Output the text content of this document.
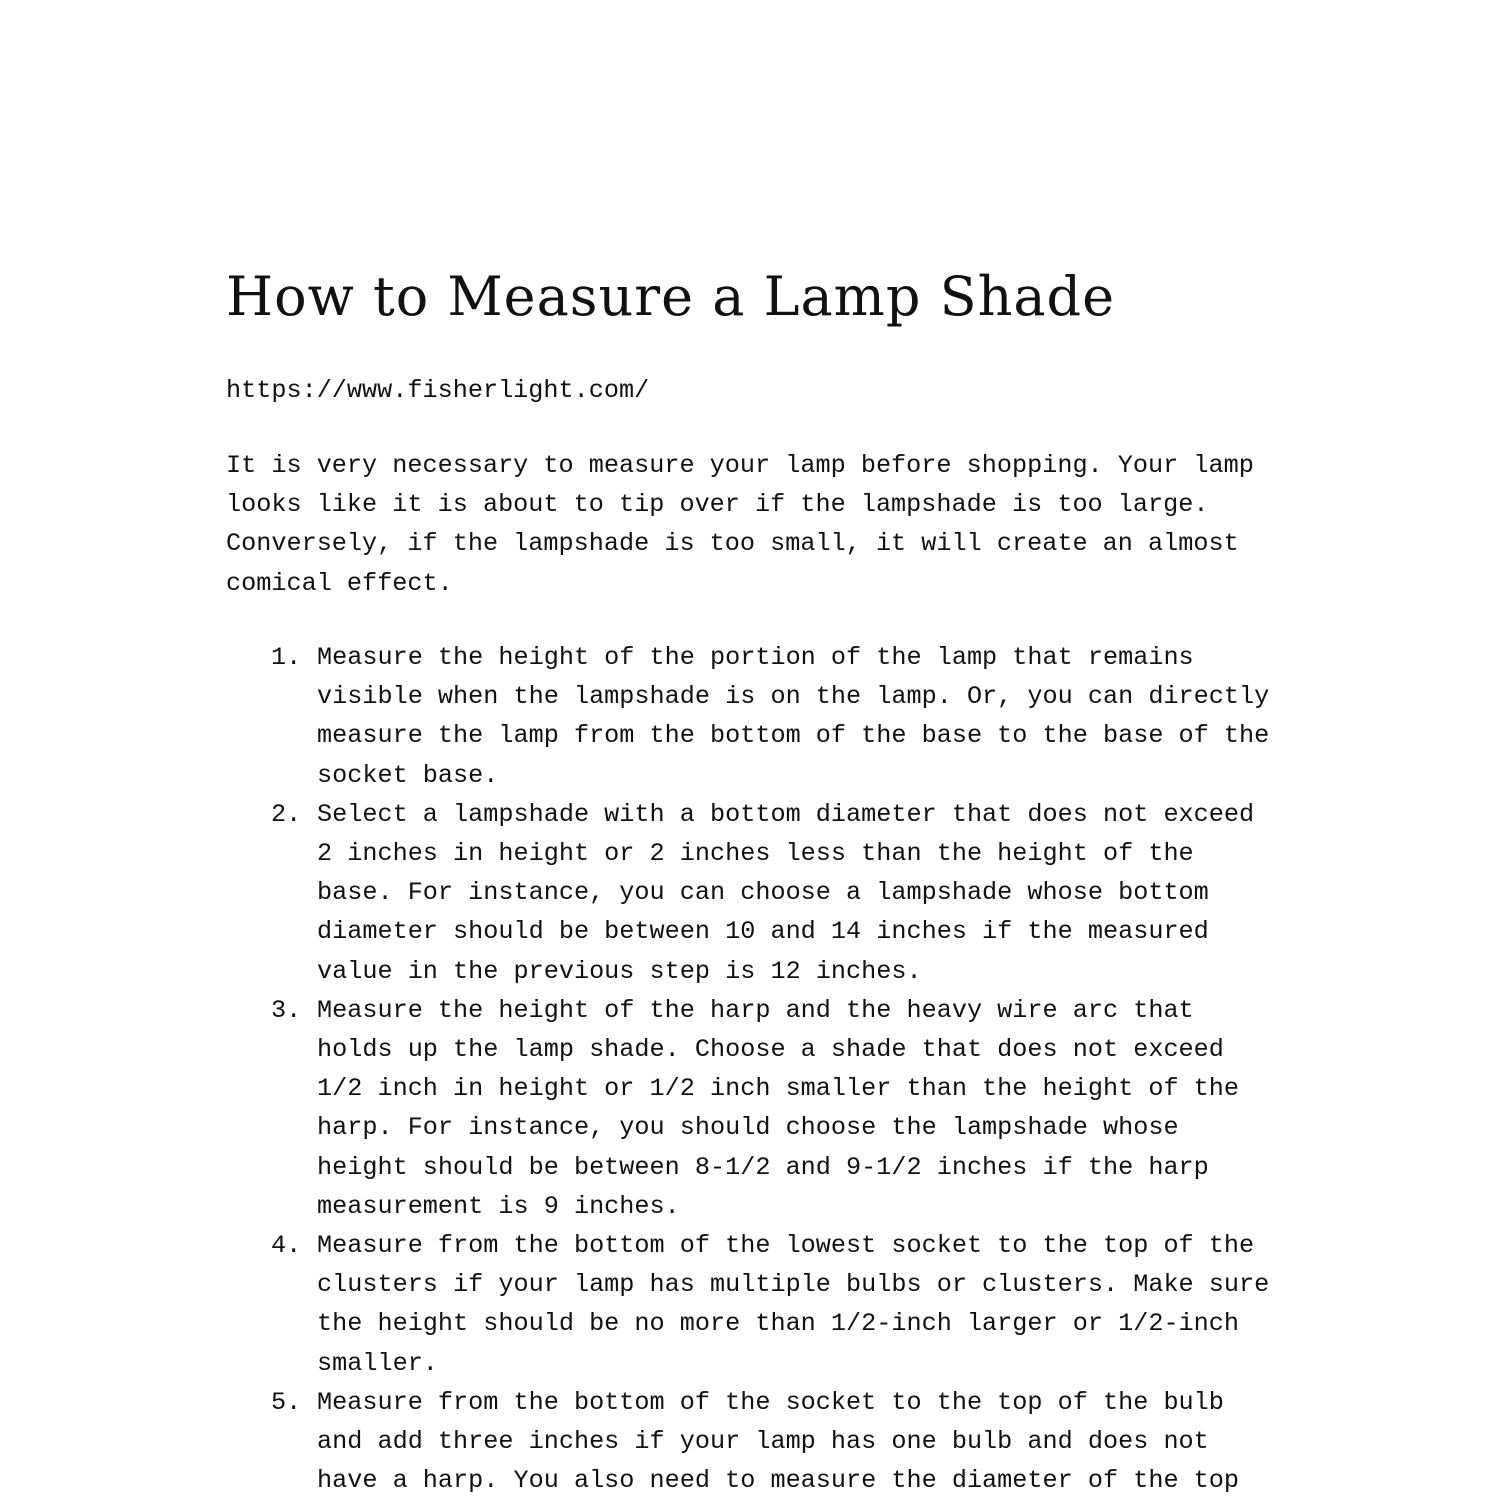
How to Measure a Lamp Shade

https://www.fisherlight.com/

It is very necessary to measure your lamp before shopping. Your lamp
looks like it is about to tip over if the lampshade is too large.
Conversely, if the lampshade is too small, it will create an almost
comical effect.

1. Measure the height of the portion of the lamp that remains
visible when the lampshade is on the lamp. Or, you can directly
measure the lamp from the bottom of the base to the base of the
socket base.
2. Select a lampshade with a bottom diameter that does not exceed
2 inches in height or 2 inches less than the height of the
base. For instance, you can choose a lampshade whose bottom
diameter should be between 10 and 14 inches if the measured
value in the previous step is 12 inches.
3. Measure the height of the harp and the heavy wire arc that
holds up the lamp shade. Choose a shade that does not exceed
1/2 inch in height or 1/2 inch smaller than the height of the
harp. For instance, you should choose the lampshade whose
height should be between 8-1/2 and 9-1/2 inches if the harp
measurement is 9 inches.
4. Measure from the bottom of the lowest socket to the top of the
clusters if your lamp has multiple bulbs or clusters. Make sure
the height should be no more than 1/2-inch larger or 1/2-inch
smaller.
5. Measure from the bottom of the socket to the top of the bulb
and add three inches if your lamp has one bulb and does not
have a harp. You also need to measure the diameter of the top
